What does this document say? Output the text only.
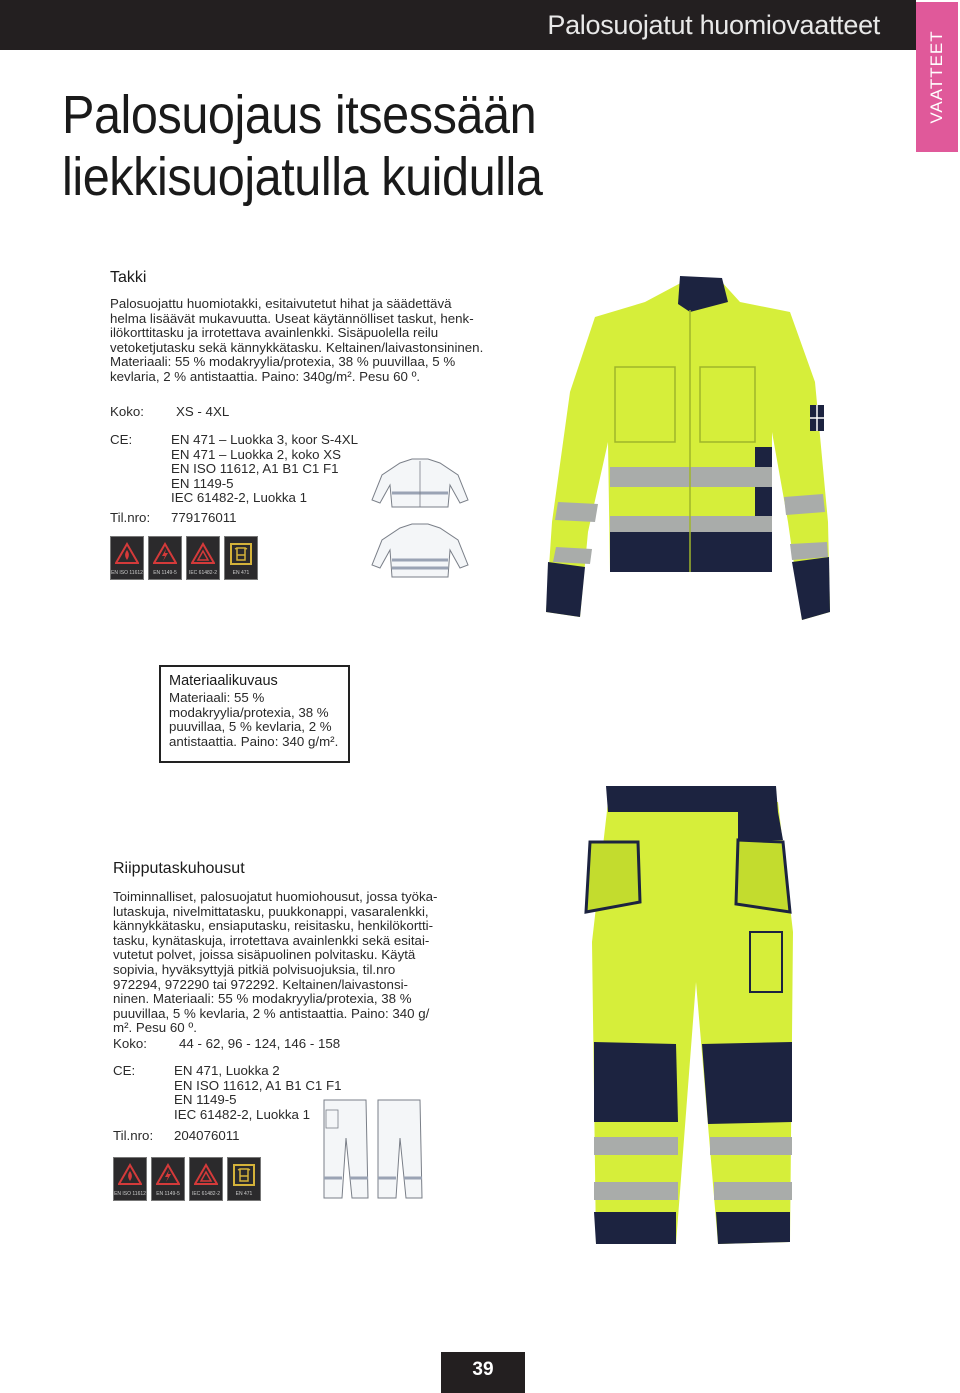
Palosuojatut huomiovaatteet
VAATTEET
Palosuojaus itsessään
liekkisuojatulla kuidulla
Takki
Palosuojattu huomiotakki, esitaivutetut hihat ja säädettävä
helma lisäävät mukavuutta. Useat käytännölliset taskut, henk-
ilökorttitasku ja irrotettava avainlenkki. Sisäpuolella reilu
vetoketjutasku sekä kännykkätasku. Keltainen/laivastonsininen.
Materiaali: 55 % modakryylia/protexia, 38 % puuvillaa, 5 %
kevlaria, 2 % antistaattia. Paino: 340g/m². Pesu 60 º.
Koko: XS - 4XL
CE:	EN 471 – Luokka 3, koor S-4XL
EN 471 – Luokka 2, koko XS
EN ISO 11612, A1 B1 C1 F1
EN 1149-5
IEC 61482-2, Luokka 1
Til.nro: 779176011
EN ISO 11612	EN 1149-5	IEC 61482-2	EN 471
Materiaalikuvaus
Materiaali: 55 %
modakryylia/protexia, 38 %
puuvillaa, 5 % kevlaria, 2 %
antistaattia. Paino: 340 g/m².
Riipputaskuhousut
Toiminnalliset, palosuojatut huomiohousut, jossa työka-
lutaskuja, nivelmittatasku, puukkonappi, vasaralenkki,
kännykkätasku, ensiaputasku, reisitasku, henkilökortti-
tasku, kynätaskuja, irrotettava avainlenkki sekä esitai-
vutetut polvet, joissa sisäpuolinen polvitasku. Käytä
sopivia, hyväksyttyjä pitkiä polvisuojuksia, til.nro
972294, 972290 tai 972292. Keltainen/laivastonsi-
ninen. Materiaali: 55 % modakryylia/protexia, 38 %
puuvillaa, 5 % kevlaria, 2 % antistaattia. Paino: 340 g/
m². Pesu 60 º.
Koko: 44 - 62, 96 - 124, 146 - 158
CE:	EN 471, Luokka 2
EN ISO 11612, A1 B1 C1 F1
EN 1149-5
IEC 61482-2, Luokka 1
Til.nro: 204076011
EN ISO 11612	EN 1149-5	IEC 61482-2	EN 471
39
